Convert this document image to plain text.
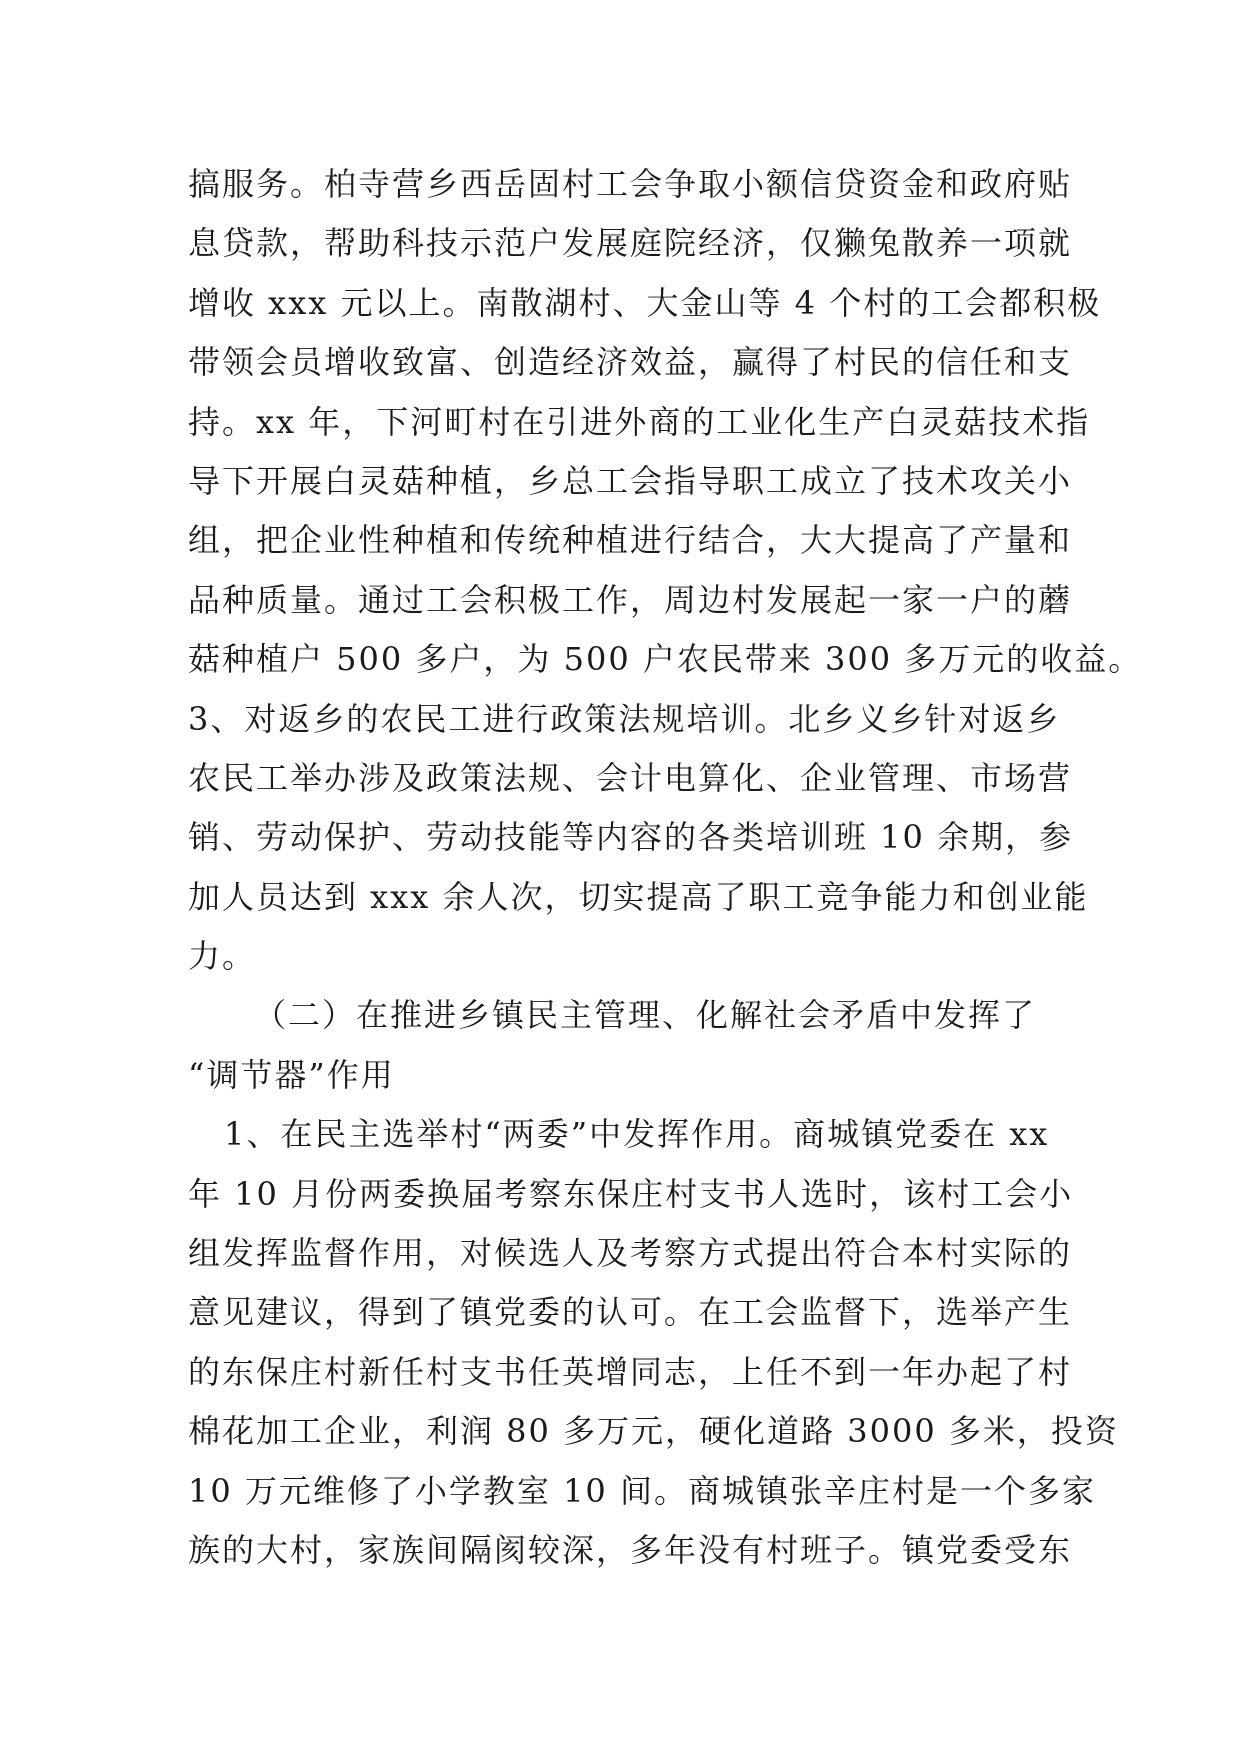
搞服务。柏寺营乡西岳固村工会争取小额信贷资金和政府贴
息贷款，帮助科技示范户发展庭院经济，仅獭兔散养一项就
增收 xxx 元以上。南散湖村、大金山等 4 个村的工会都积极
带领会员增收致富、创造经济效益，赢得了村民的信任和支
持。xx 年，下河町村在引进外商的工业化生产白灵菇技术指
导下开展白灵菇种植，乡总工会指导职工成立了技术攻关小
组，把企业性种植和传统种植进行结合，大大提高了产量和
品种质量。通过工会积极工作，周边村发展起一家一户的蘑
菇种植户 500 多户，为 500 户农民带来 300 多万元的收益。
3、对返乡的农民工进行政策法规培训。北乡义乡针对返乡
农民工举办涉及政策法规、会计电算化、企业管理、市场营
销、劳动保护、劳动技能等内容的各类培训班 10 余期，参
加人员达到 xxx 余人次，切实提高了职工竞争能力和创业能
力。
（二）在推进乡镇民主管理、化解社会矛盾中发挥了
“调节器”作用
1、在民主选举村“两委”中发挥作用。商城镇党委在 xx
年 10 月份两委换届考察东保庄村支书人选时，该村工会小
组发挥监督作用，对候选人及考察方式提出符合本村实际的
意见建议，得到了镇党委的认可。在工会监督下，选举产生
的东保庄村新任村支书任英增同志，上任不到一年办起了村
棉花加工企业，利润 80 多万元，硬化道路 3000 多米，投资
10 万元维修了小学教室 10 间。商城镇张辛庄村是一个多家
族的大村，家族间隔阂较深，多年没有村班子。镇党委受东
